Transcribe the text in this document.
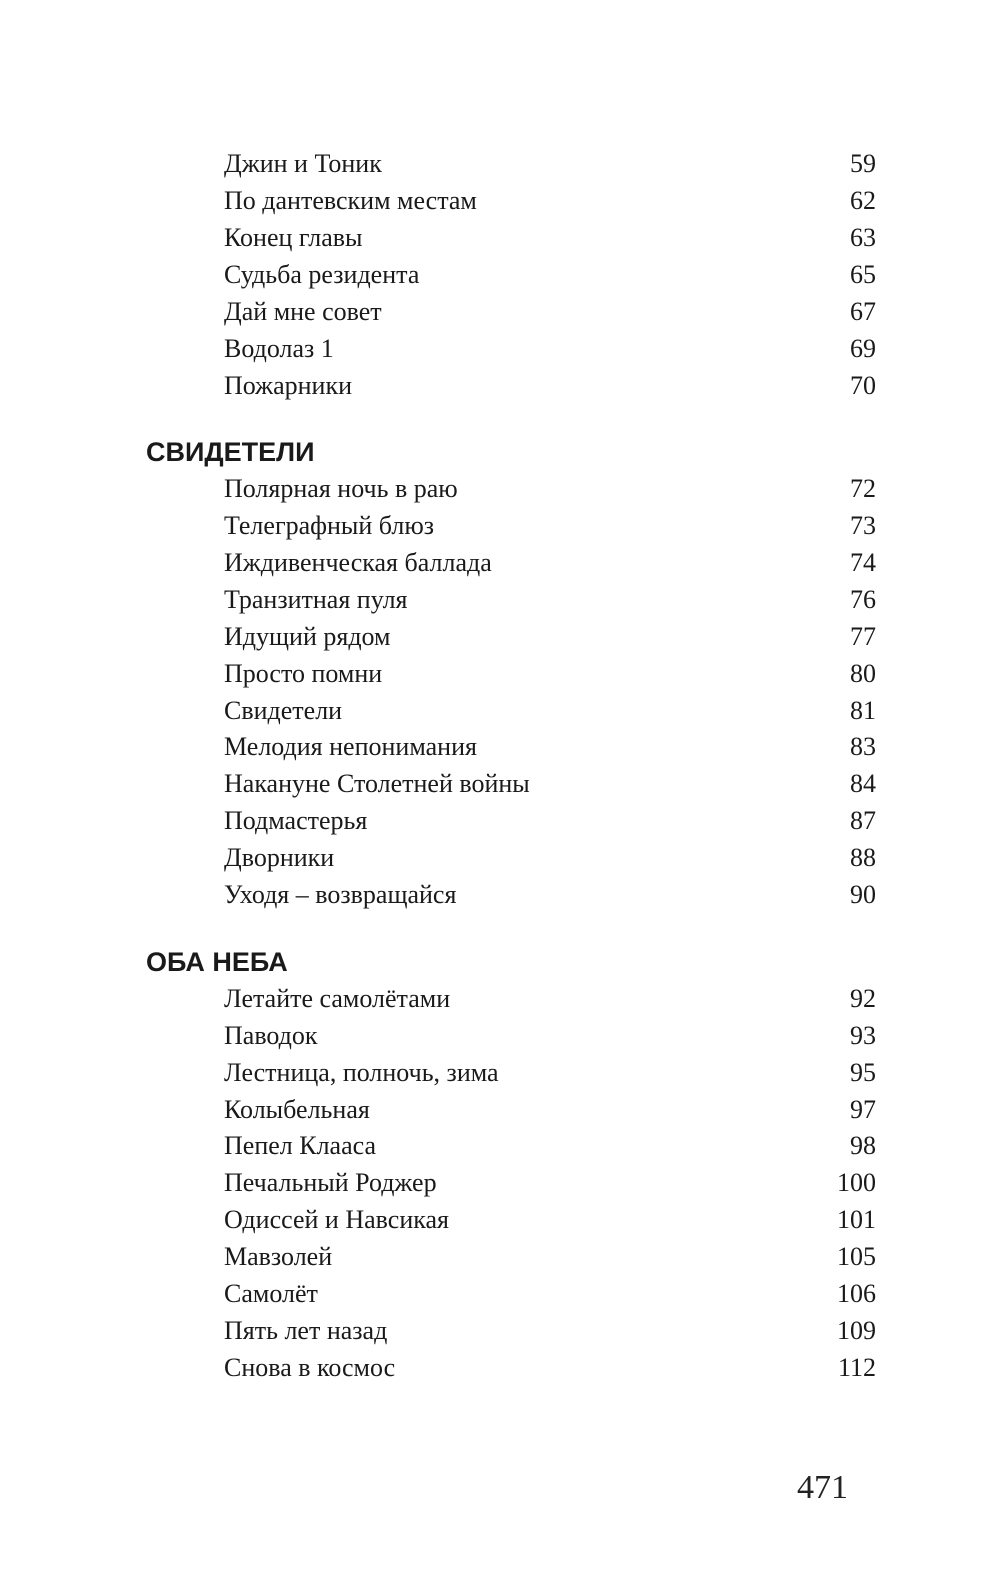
Джин и Тоник	59
По дантевским местам	62
Конец главы	63
Судьба резидента	65
Дай мне совет	67
Водолаз 1	69
Пожарники	70
СВИДЕТЕЛИ
Полярная ночь в раю	72
Телеграфный блюз	73
Иждивенческая баллада	74
Транзитная пуля	76
Идущий рядом	77
Просто помни	80
Свидетели	81
Мелодия непонимания	83
Накануне Столетней войны	84
Подмастерья	87
Дворники	88
Уходя – возвращайся	90
ОБА НЕБА
Летайте самолётами	92
Паводок	93
Лестница, полночь, зима	95
Колыбельная	97
Пепел Клааса	98
Печальный Роджер	100
Одиссей и Навсикая	101
Мавзолей	105
Самолёт	106
Пять лет назад	109
Снова в космос	112
471
